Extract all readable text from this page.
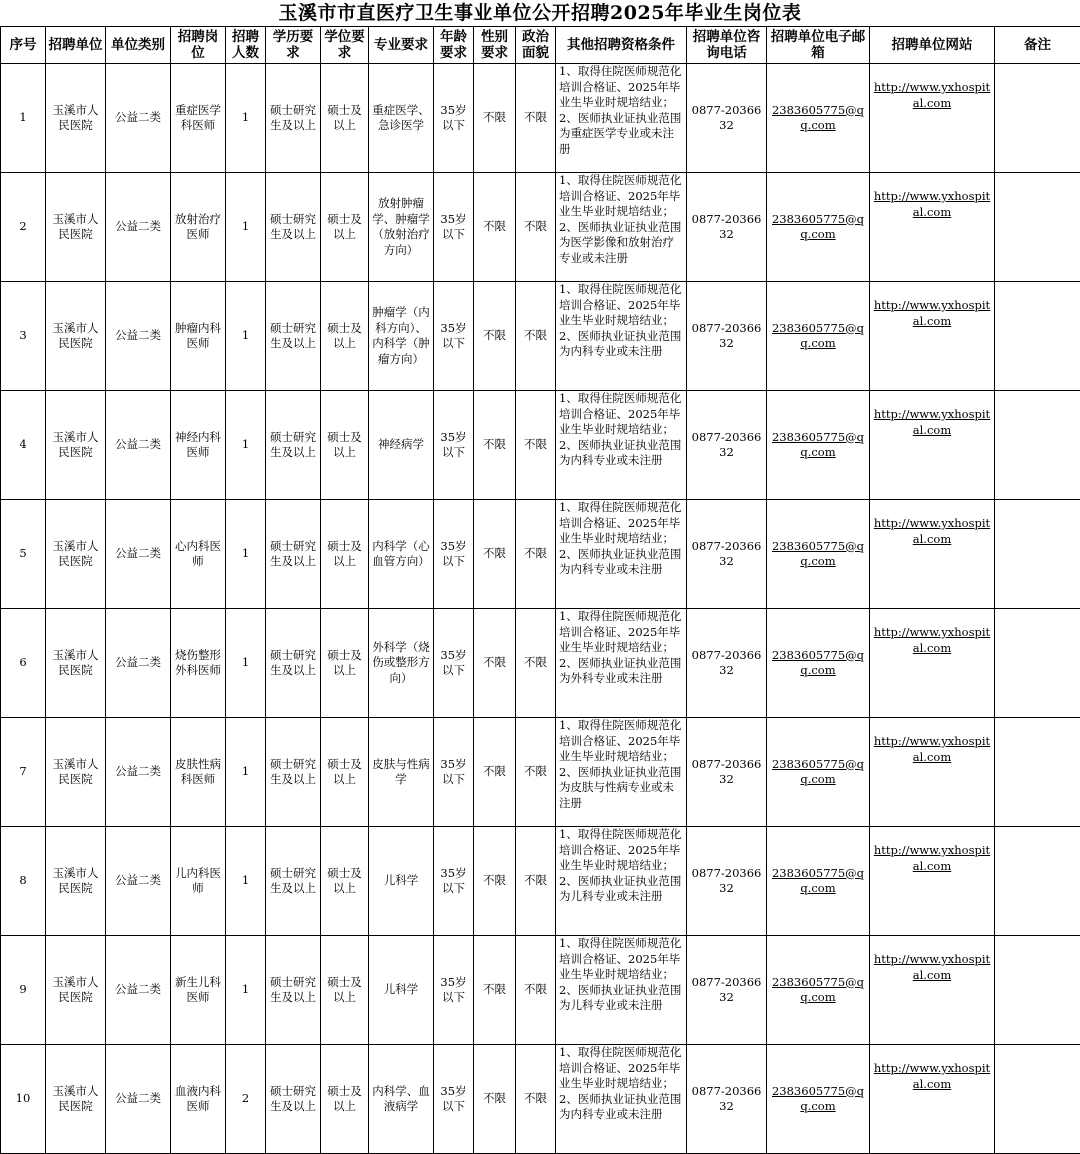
玉溪市市直医疗卫生事业单位公开招聘2025年毕业生岗位表
序号	招聘单位	单位类别	招聘岗位	招聘人数	学历要求	学位要求	专业要求	年龄要求	性别要求	政治面貌	其他招聘资格条件	招聘单位咨询电话	招聘单位电子邮箱	招聘单位网站	备注
1	玉溪市人民医院	公益二类	重症医学科医师	1	硕士研究生及以上	硕士及以上	重症医学、急诊医学	35岁以下	不限	不限	1、取得住院医师规范化培训合格证、2025年毕业生毕业时规培结业；2、医师执业证执业范围为重症医学专业或未注册	0877-2036632	2383605775@qq.com	http://www.yxhospital.com	
2	玉溪市人民医院	公益二类	放射治疗医师	1	硕士研究生及以上	硕士及以上	放射肿瘤学、肿瘤学（放射治疗方向）	35岁以下	不限	不限	1、取得住院医师规范化培训合格证、2025年毕业生毕业时规培结业；2、医师执业证执业范围为医学影像和放射治疗专业或未注册	0877-2036632	2383605775@qq.com	http://www.yxhospital.com	
3	玉溪市人民医院	公益二类	肿瘤内科医师	1	硕士研究生及以上	硕士及以上	肿瘤学（内科方向）、内科学（肿瘤方向）	35岁以下	不限	不限	1、取得住院医师规范化培训合格证、2025年毕业生毕业时规培结业；2、医师执业证执业范围为内科专业或未注册	0877-2036632	2383605775@qq.com	http://www.yxhospital.com	
4	玉溪市人民医院	公益二类	神经内科医师	1	硕士研究生及以上	硕士及以上	神经病学	35岁以下	不限	不限	1、取得住院医师规范化培训合格证、2025年毕业生毕业时规培结业；2、医师执业证执业范围为内科专业或未注册	0877-2036632	2383605775@qq.com	http://www.yxhospital.com	
5	玉溪市人民医院	公益二类	心内科医师	1	硕士研究生及以上	硕士及以上	内科学（心血管方向）	35岁以下	不限	不限	1、取得住院医师规范化培训合格证、2025年毕业生毕业时规培结业；2、医师执业证执业范围为内科专业或未注册	0877-2036632	2383605775@qq.com	http://www.yxhospital.com	
6	玉溪市人民医院	公益二类	烧伤整形外科医师	1	硕士研究生及以上	硕士及以上	外科学（烧伤或整形方向）	35岁以下	不限	不限	1、取得住院医师规范化培训合格证、2025年毕业生毕业时规培结业；2、医师执业证执业范围为外科专业或未注册	0877-2036632	2383605775@qq.com	http://www.yxhospital.com	
7	玉溪市人民医院	公益二类	皮肤性病科医师	1	硕士研究生及以上	硕士及以上	皮肤与性病学	35岁以下	不限	不限	1、取得住院医师规范化培训合格证、2025年毕业生毕业时规培结业；2、医师执业证执业范围为皮肤与性病专业或未注册	0877-2036632	2383605775@qq.com	http://www.yxhospital.com	
8	玉溪市人民医院	公益二类	儿内科医师	1	硕士研究生及以上	硕士及以上	儿科学	35岁以下	不限	不限	1、取得住院医师规范化培训合格证、2025年毕业生毕业时规培结业；2、医师执业证执业范围为儿科专业或未注册	0877-2036632	2383605775@qq.com	http://www.yxhospital.com	
9	玉溪市人民医院	公益二类	新生儿科医师	1	硕士研究生及以上	硕士及以上	儿科学	35岁以下	不限	不限	1、取得住院医师规范化培训合格证、2025年毕业生毕业时规培结业；2、医师执业证执业范围为儿科专业或未注册	0877-2036632	2383605775@qq.com	http://www.yxhospital.com	
10	玉溪市人民医院	公益二类	血液内科医师	2	硕士研究生及以上	硕士及以上	内科学、血液病学	35岁以下	不限	不限	1、取得住院医师规范化培训合格证、2025年毕业生毕业时规培结业；2、医师执业证执业范围为内科专业或未注册	0877-2036632	2383605775@qq.com	http://www.yxhospital.com	
